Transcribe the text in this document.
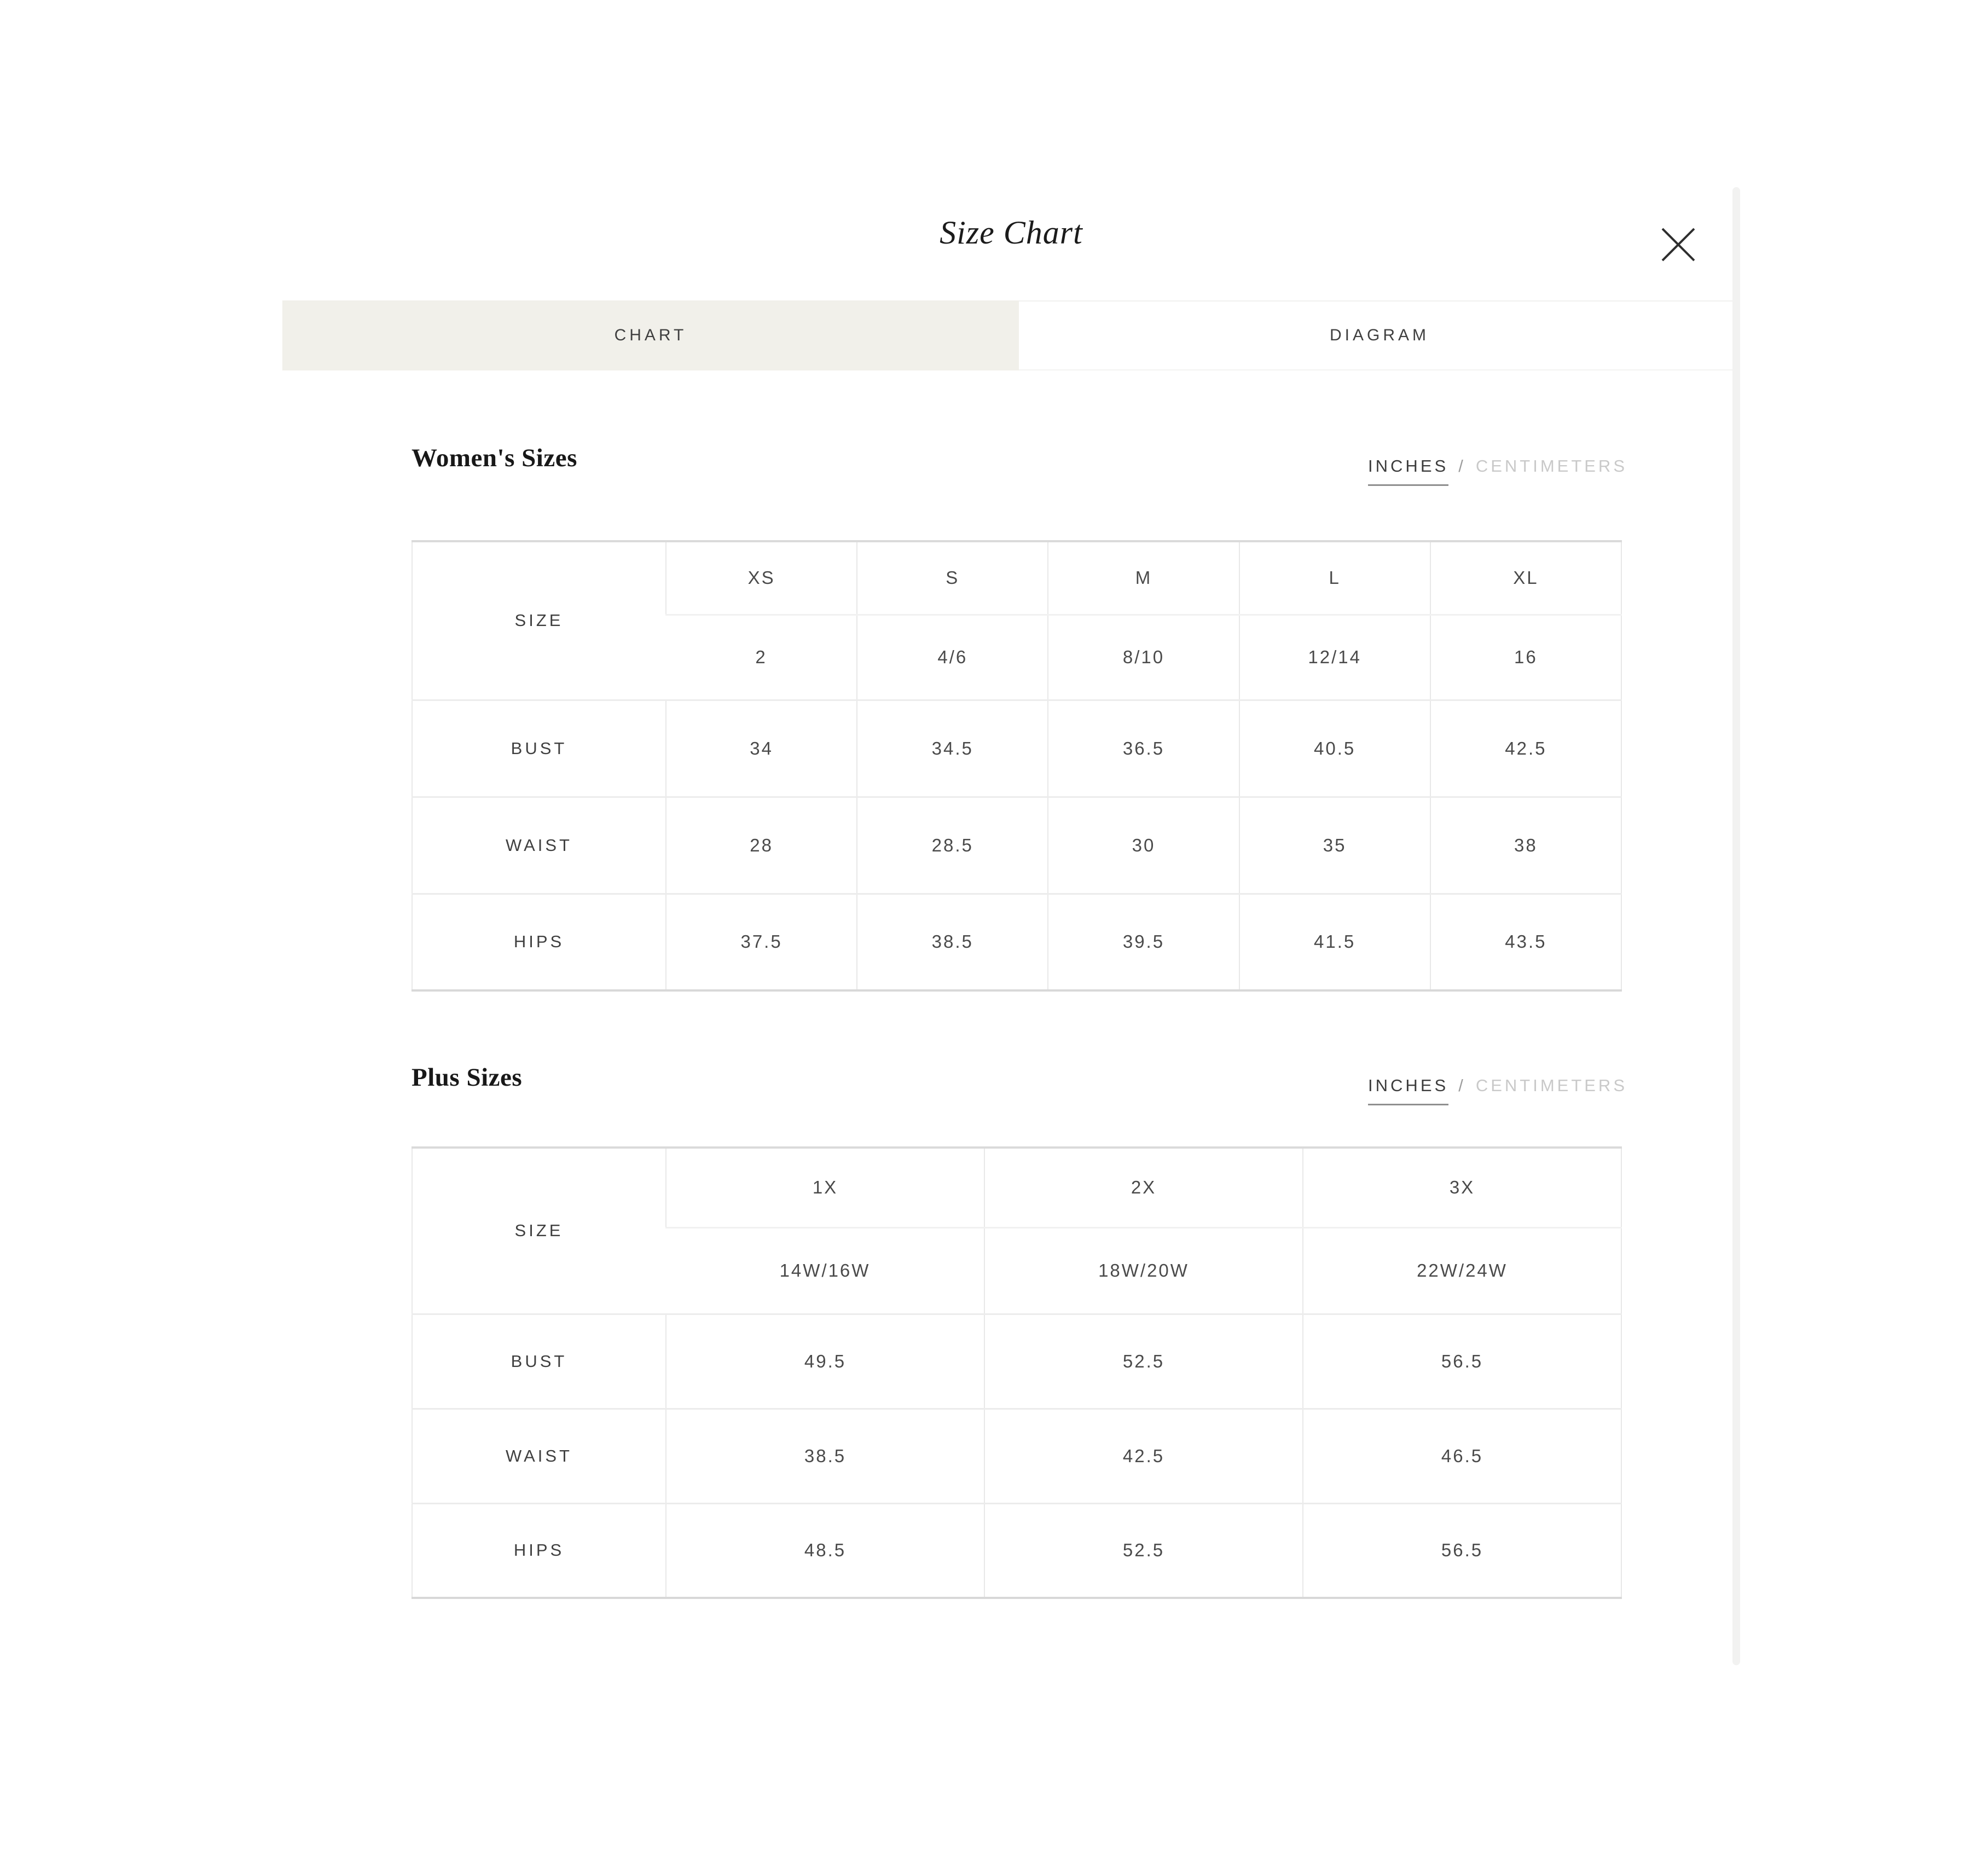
Size Chart
CHART	DIAGRAM
Women's Sizes	INCHES / CENTIMETERS
SIZE	XS	S	M	L	XL
	2	4/6	8/10	12/14	16
BUST	34	34.5	36.5	40.5	42.5
WAIST	28	28.5	30	35	38
HIPS	37.5	38.5	39.5	41.5	43.5
Plus Sizes	INCHES / CENTIMETERS
SIZE	1X	2X	3X
	14W/16W	18W/20W	22W/24W
BUST	49.5	52.5	56.5
WAIST	38.5	42.5	46.5
HIPS	48.5	52.5	56.5
